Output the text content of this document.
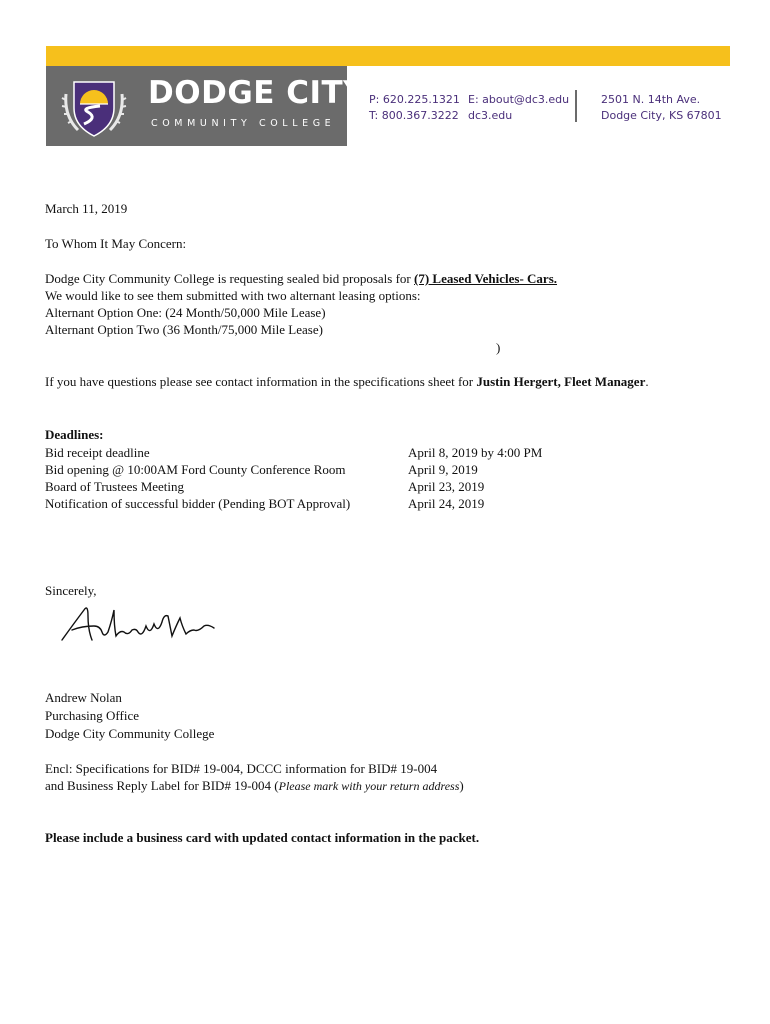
DODGE CITY
COMMUNITY COLLEGE
P: 620.225.1321
T: 800.367.3222
E: about@dc3.edu
dc3.edu
2501 N. 14th Ave.
Dodge City, KS 67801
March 11, 2019
To Whom It May Concern:
Dodge City Community College is requesting sealed bid proposals for (7) Leased Vehicles- Cars.
We would like to see them submitted with two alternant leasing options:
Alternant Option One: (24 Month/50,000 Mile Lease)
Alternant Option Two (36 Month/75,000 Mile Lease)
)
If you have questions please see contact information in the specifications sheet for Justin Hergert, Fleet Manager.
Deadlines:
Bid receipt deadline	April 8, 2019 by 4:00 PM
Bid opening @ 10:00AM Ford County Conference Room	April 9, 2019
Board of Trustees Meeting	April 23, 2019
Notification of successful bidder (Pending BOT Approval)	April 24, 2019
Sincerely,
Andrew Nolan
Purchasing Office
Dodge City Community College
Encl: Specifications for BID# 19-004, DCCC information for BID# 19-004
and Business Reply Label for BID# 19-004 (Please mark with your return address)
Please include a business card with updated contact information in the packet.
